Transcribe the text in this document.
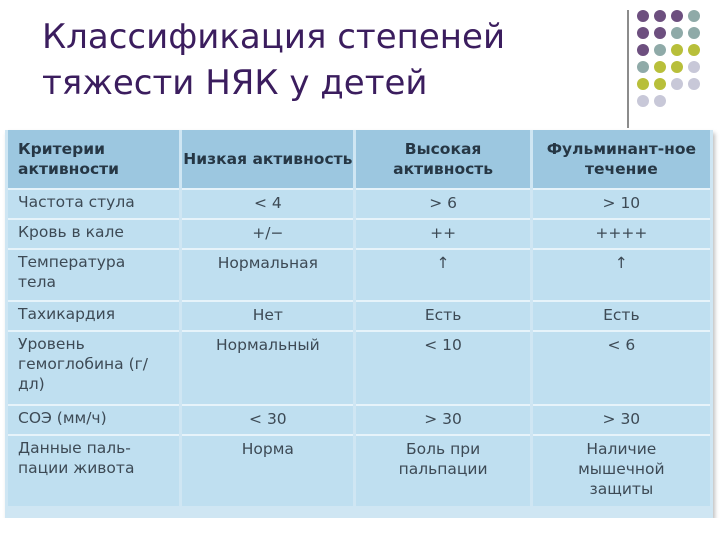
Классификация степеней
тяжести НЯК у детей
Критерии активности	Низкая активность	Высокая активность	Фульминант-ное течение
Частота стула	< 4	> 6	> 10
Кровь в кале	+/−	++	++++
Температура тела	Нормальная	↑	↑
Тахикардия	Нет	Есть	Есть
Уровень гемоглобина (г/дл)	Нормальный	< 10	< 6
СОЭ (мм/ч)	< 30	> 30	> 30
Данные паль-пации живота	Норма	Боль при пальпации	Наличие мышечной защиты
